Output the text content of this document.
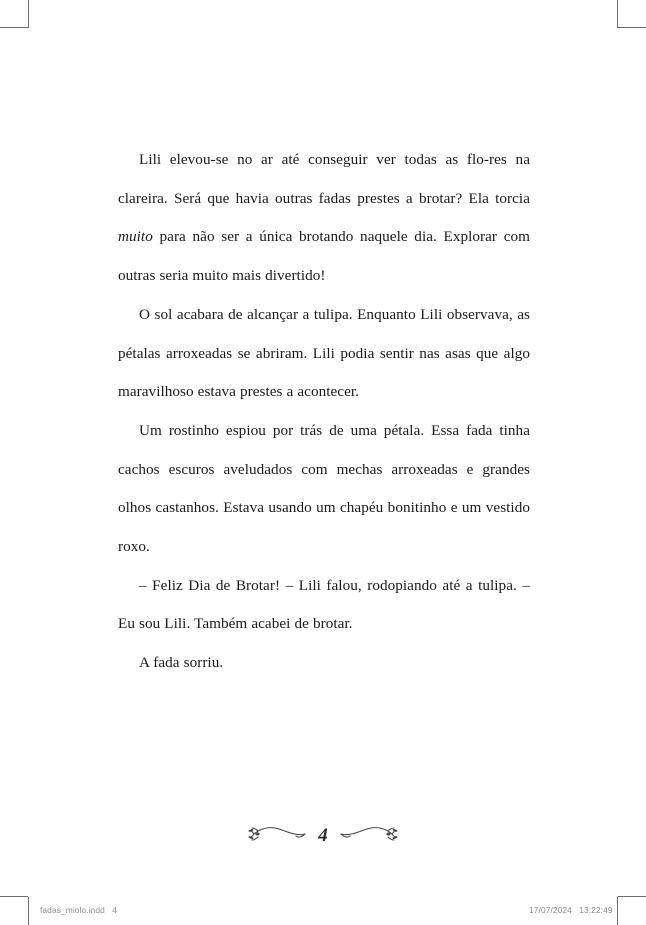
Lili elevou-se no ar até conseguir ver todas as flo-res na clareira. Será que havia outras fadas prestes a brotar? Ela torcia muito para não ser a única brotando naquele dia. Explorar com outras seria muito mais divertido!

O sol acabara de alcançar a tulipa. Enquanto Lili observava, as pétalas arroxeadas se abriram. Lili podia sentir nas asas que algo maravilhoso estava prestes a acontecer.

Um rostinho espiou por trás de uma pétala. Essa fada tinha cachos escuros aveludados com mechas arroxeadas e grandes olhos castanhos. Estava usando um chapéu bonitinho e um vestido roxo.

– Feliz Dia de Brotar! – Lili falou, rodopiando até a tulipa. – Eu sou Lili. Também acabei de brotar.

A fada sorriu.

4
fadas_miolo.indd   4	17/07/2024   13:22:49
